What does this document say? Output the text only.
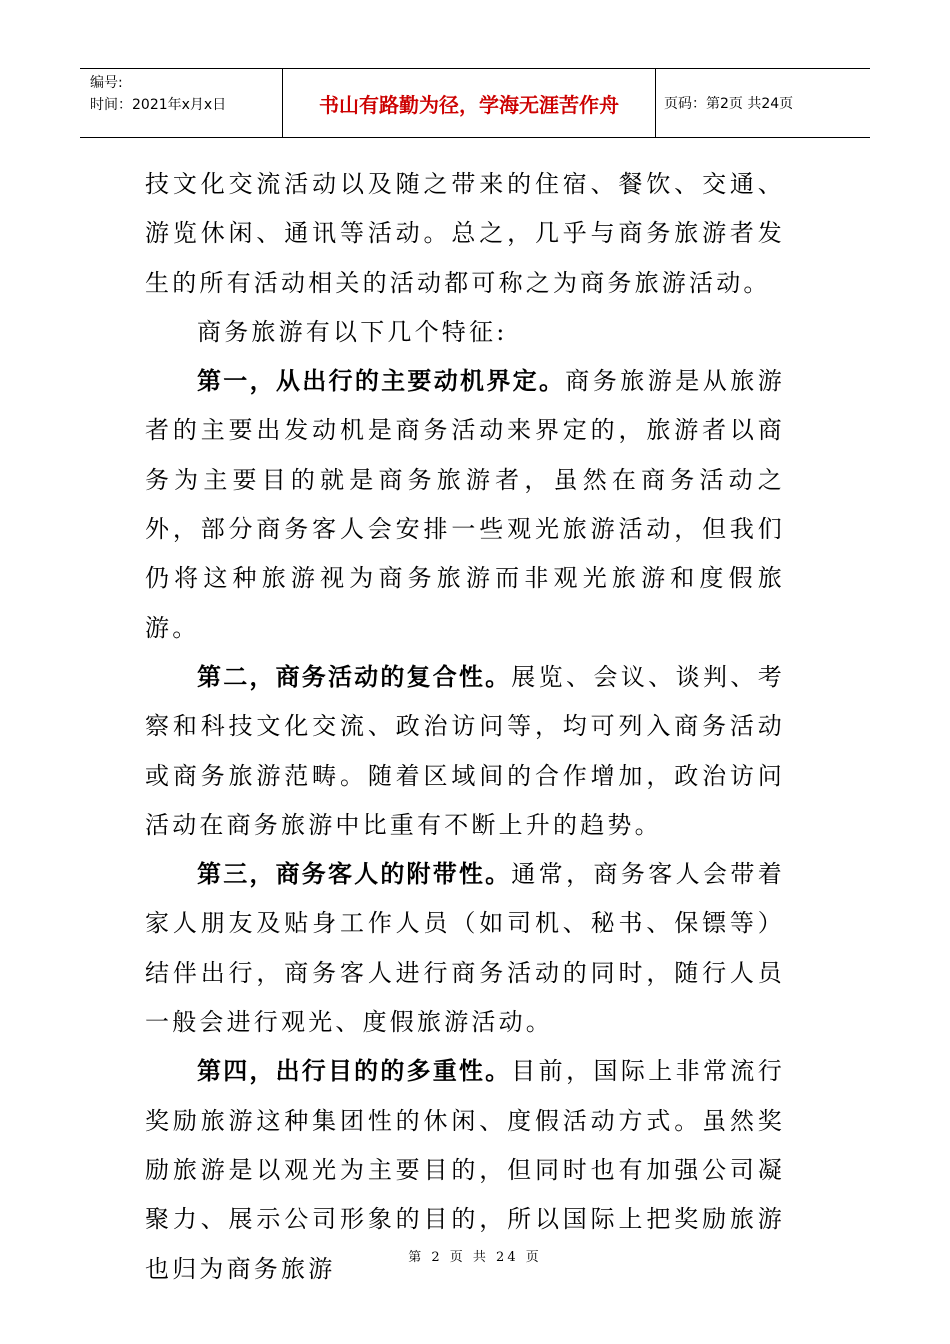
编号:
时间：2021年x月x日	书山有路勤为径，学海无涯苦作舟	页码：第2页 共24页

技文化交流活动以及随之带来的住宿、餐饮、交通、游览休闲、通讯等活动。总之，几乎与商务旅游者发生的所有活动相关的活动都可称之为商务旅游活动。

商务旅游有以下几个特征:

第一，从出行的主要动机界定。商务旅游是从旅游者的主要出发动机是商务活动来界定的，旅游者以商务为主要目的就是商务旅游者，虽然在商务活动之外，部分商务客人会安排一些观光旅游活动，但我们仍将这种旅游视为商务旅游而非观光旅游和度假旅游。

第二，商务活动的复合性。展览、会议、谈判、考察和科技文化交流、政治访问等，均可列入商务活动或商务旅游范畴。随着区域间的合作增加，政治访问活动在商务旅游中比重有不断上升的趋势。

第三，商务客人的附带性。通常，商务客人会带着家人朋友及贴身工作人员（如司机、秘书、保镖等）结伴出行，商务客人进行商务活动的同时，随行人员一般会进行观光、度假旅游活动。

第四，出行目的的多重性。目前，国际上非常流行奖励旅游这种集团性的休闲、度假活动方式。虽然奖励旅游是以观光为主要目的，但同时也有加强公司凝聚力、展示公司形象的目的，所以国际上把奖励旅游也归为商务旅游	第 2 页 共 24 页
